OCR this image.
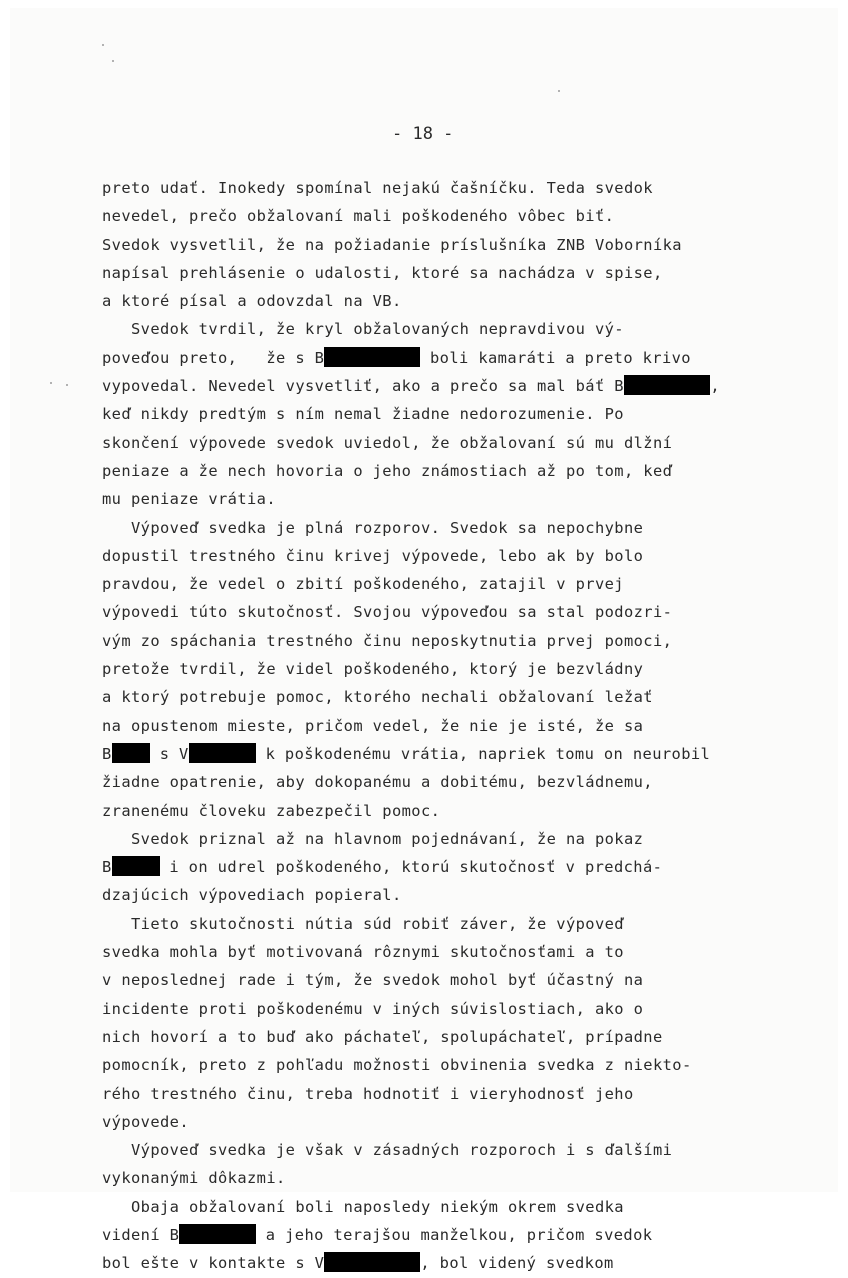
- 18 -
preto udať. Inokedy spomínal nejakú čašníčku. Teda svedok
nevedel, prečo obžalovaní mali poškodeného vôbec biť.
Svedok vysvetlil, že na požiadanie príslušníka ZNB Voborníka
napísal prehlásenie o udalosti, ktoré sa nachádza v spise,
a ktoré písal a odovzdal na VB.
Svedok tvrdil, že kryl obžalovaných nepravdivou vý-
poveďou preto,   že s B	boli kamaráti a preto krivo
vypovedal. Nevedel vysvetliť, ako a prečo sa mal báť B	,
keď nikdy predtým s ním nemal žiadne nedorozumenie. Po
skončení výpovede svedok uviedol, že obžalovaní sú mu dlžní
peniaze a že nech hovoria o jeho známostiach až po tom, keď
mu peniaze vrátia.
Výpoveď svedka je plná rozporov. Svedok sa nepochybne
dopustil trestného činu krivej výpovede, lebo ak by bolo
pravdou, že vedel o zbití poškodeného, zatajil v prvej
výpovedi túto skutočnosť. Svojou výpoveďou sa stal podozri-
vým zo spáchania trestného činu neposkytnutia prvej pomoci,
pretože tvrdil, že videl poškodeného, ktorý je bezvládny
a ktorý potrebuje pomoc, ktorého nechali obžalovaní ležať
na opustenom mieste, pričom vedel, že nie je isté, že sa
B s V	k poškodenému vrátia, napriek tomu on neurobil
žiadne opatrenie, aby dokopanému a dobitému, bezvládnemu,
zranenému človeku zabezpečil pomoc.
Svedok priznal až na hlavnom pojednávaní, že na pokaz
B	i on udrel poškodeného, ktorú skutočnosť v predchá-
dzajúcich výpovediach popieral.
Tieto skutočnosti nútia súd robiť záver, že výpoveď
svedka mohla byť motivovaná rôznymi skutočnosťami a to
v neposlednej rade i tým, že svedok mohol byť účastný na
incidente proti poškodenému v iných súvislostiach, ako o
nich hovorí a to buď ako páchateľ, spolupáchateľ, prípadne
pomocník, preto z pohľadu možnosti obvinenia svedka z niekto-
rého trestného činu, treba hodnotiť i vieryhodnosť jeho
výpovede.
Výpoveď svedka je však v zásadných rozporoch i s ďalšími
vykonanými dôkazmi.
Obaja obžalovaní boli naposledy niekým okrem svedka
videní B	a jeho terajšou manželkou, pričom svedok
bol ešte v kontakte s V	, bol videný svedkom
